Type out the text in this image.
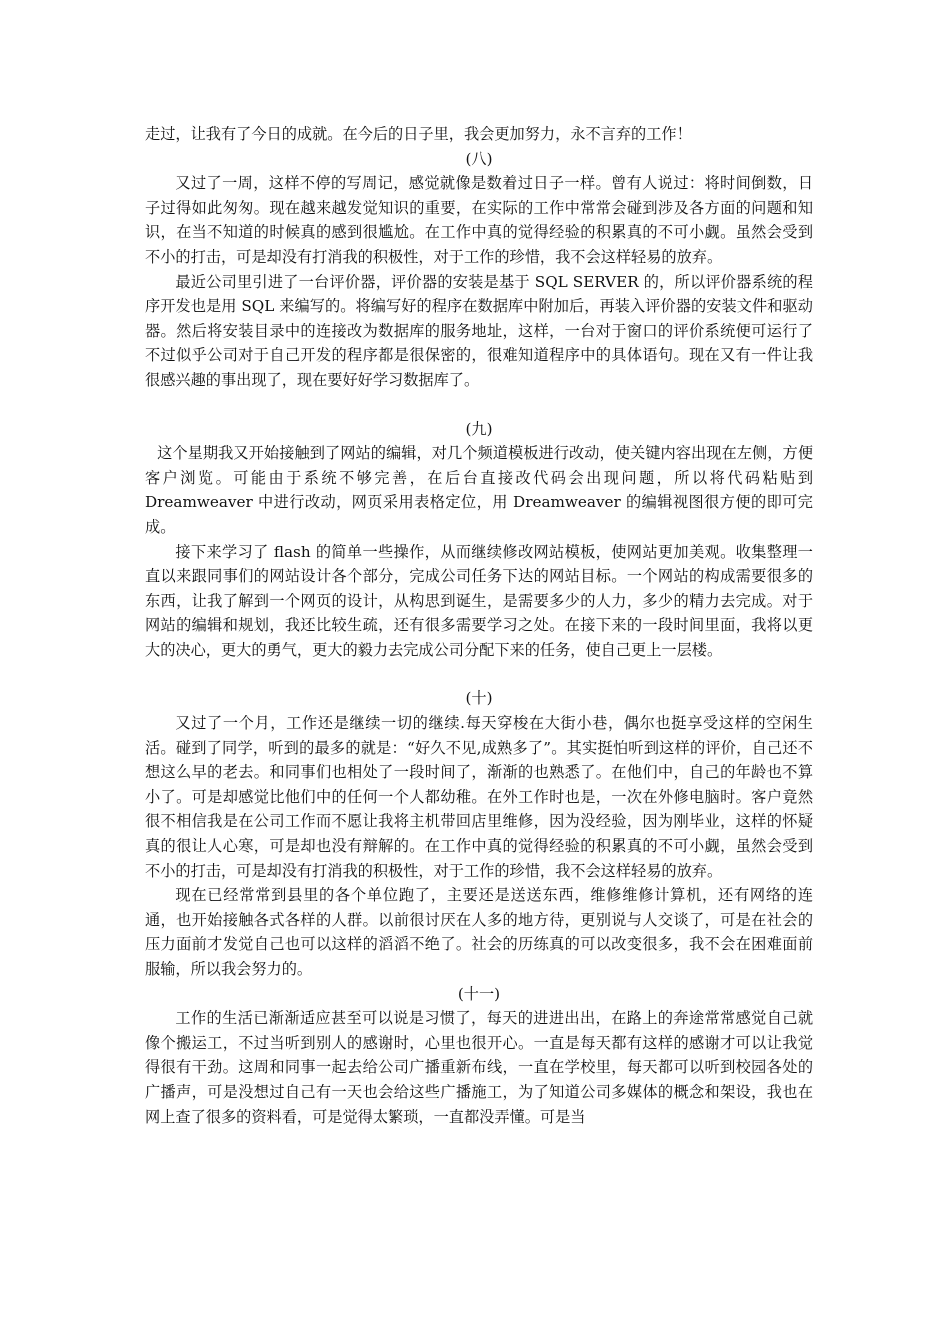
走过，让我有了今日的成就。在今后的日子里，我会更加努力，永不言弃的工作！

(八)

又过了一周，这样不停的写周记，感觉就像是数着过日子一样。曾有人说过：将时间倒数，日子过得如此匆匆。现在越来越发觉知识的重要，在实际的工作中常常会碰到涉及各方面的问题和知识，在当不知道的时候真的感到很尴尬。在工作中真的觉得经验的积累真的不可小觑。虽然会受到不小的打击，可是却没有打消我的积极性，对于工作的珍惜，我不会这样轻易的放弃。

最近公司里引进了一台评价器，评价器的安装是基于 SQL SERVER 的，所以评价器系统的程序开发也是用 SQL 来编写的。将编写好的程序在数据库中附加后，再装入评价器的安装文件和驱动器。然后将安装目录中的连接改为数据库的服务地址，这样，一台对于窗口的评价系统便可运行了不过似乎公司对于自己开发的程序都是很保密的，很难知道程序中的具体语句。现在又有一件让我很感兴趣的事出现了，现在要好好学习数据库了。

(九)

这个星期我又开始接触到了网站的编辑，对几个频道模板进行改动，使关键内容出现在左侧，方便客户浏览。可能由于系统不够完善，在后台直接改代码会出现问题，所以将代码粘贴到 Dreamweaver 中进行改动，网页采用表格定位，用 Dreamweaver 的编辑视图很方便的即可完成。

接下来学习了 flash 的简单一些操作，从而继续修改网站模板，使网站更加美观。收集整理一直以来跟同事们的网站设计各个部分，完成公司任务下达的网站目标。一个网站的构成需要很多的东西，让我了解到一个网页的设计，从构思到诞生，是需要多少的人力，多少的精力去完成。对于网站的编辑和规划，我还比较生疏，还有很多需要学习之处。在接下来的一段时间里面，我将以更大的决心，更大的勇气，更大的毅力去完成公司分配下来的任务，使自己更上一层楼。

(十)

又过了一个月，工作还是继续一切的继续.每天穿梭在大街小巷，偶尔也挺享受这样的空闲生活。碰到了同学，听到的最多的就是：“好久不见,成熟多了”。其实挺怕听到这样的评价，自己还不想这么早的老去。和同事们也相处了一段时间了，渐渐的也熟悉了。在他们中，自己的年龄也不算小了。可是却感觉比他们中的任何一个人都幼稚。在外工作时也是，一次在外修电脑时。客户竟然很不相信我是在公司工作而不愿让我将主机带回店里维修，因为没经验，因为刚毕业，这样的怀疑真的很让人心寒，可是却也没有辩解的。在工作中真的觉得经验的积累真的不可小觑，虽然会受到不小的打击，可是却没有打消我的积极性，对于工作的珍惜，我不会这样轻易的放弃。

现在已经常常到县里的各个单位跑了，主要还是送送东西，维修维修计算机，还有网络的连通，也开始接触各式各样的人群。以前很讨厌在人多的地方待，更别说与人交谈了，可是在社会的压力面前才发觉自己也可以这样的滔滔不绝了。社会的历练真的可以改变很多，我不会在困难面前服输，所以我会努力的。

(十一)

工作的生活已渐渐适应甚至可以说是习惯了，每天的进进出出，在路上的奔途常常感觉自己就像个搬运工，不过当听到别人的感谢时，心里也很开心。一直是每天都有这样的感谢才可以让我觉得很有干劲。这周和同事一起去给公司广播重新布线，一直在学校里，每天都可以听到校园各处的广播声，可是没想过自己有一天也会给这些广播施工，为了知道公司多媒体的概念和架设，我也在网上查了很多的资料看，可是觉得太繁琐，一直都没弄懂。可是当
